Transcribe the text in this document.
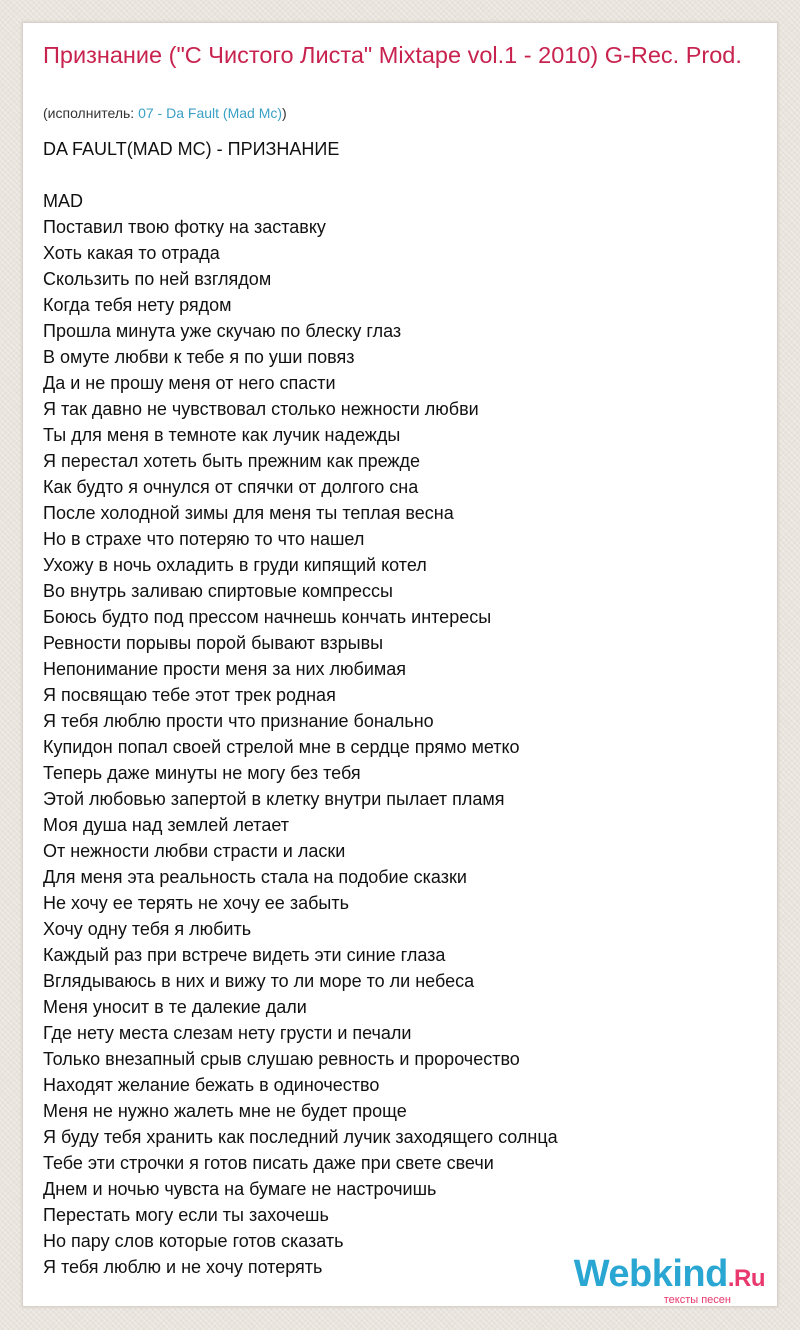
Признание ("С Чистого Листа" Mixtape vol.1 - 2010) G-Rec. Prod.
(исполнитель: 07 - Da Fault (Mad Mc))
DA FAULT(MAD MC) - ПРИЗНАНИЕ
MAD
Поставил твою фотку на заставку
Хоть какая то отрада
Скользить по ней взглядом
Когда тебя нету рядом
Прошла минута уже скучаю по блеску глаз
В омуте любви к тебе я по уши повяз
Да и не прошу меня от него спасти
Я так давно не чувствовал столько нежности любви
Ты для меня в темноте как лучик надежды
Я перестал хотеть быть прежним как прежде
Как будто я очнулся от спячки от долгого сна
После холодной зимы для меня ты теплая весна
Но в страхе что потеряю то что нашел
Ухожу в ночь охладить в груди кипящий котел
Во внутрь заливаю спиртовые компрессы
Боюсь будто под прессом начнешь кончать интересы
Ревности порывы порой бывают взрывы
Непонимание прости меня за них любимая
Я посвящаю тебе этот трек родная
Я тебя люблю прости что признание бонально
Купидон попал своей стрелой мне в сердце прямо метко
Теперь даже минуты не могу без тебя
Этой любовью запертой в клетку внутри пылает пламя
Моя душа над землей летает
От нежности любви страсти и ласки
Для меня эта реальность стала на подобие сказки
Не хочу ее терять не хочу ее забыть
Хочу одну тебя я любить
Каждый раз при встрече видеть эти синие глаза
Вглядываюсь в них и вижу то ли море то ли небеса
Меня уносит в те далекие дали
Где нету места слезам нету грусти и печали
Только внезапный срыв слушаю ревность и пророчество
Находят желание бежать в одиночество
Меня не нужно жалеть мне не будет проще
Я буду тебя хранить как последний лучик заходящего солнца
Тебе эти строчки я готов писать даже при свете свечи
Днем и ночью чувста на бумаге не настрочишь
Перестать могу если ты захочешь
Но пару слов которые готов сказать
Я тебя люблю и не хочу потерять	Webkind.Ru
тексты песен
